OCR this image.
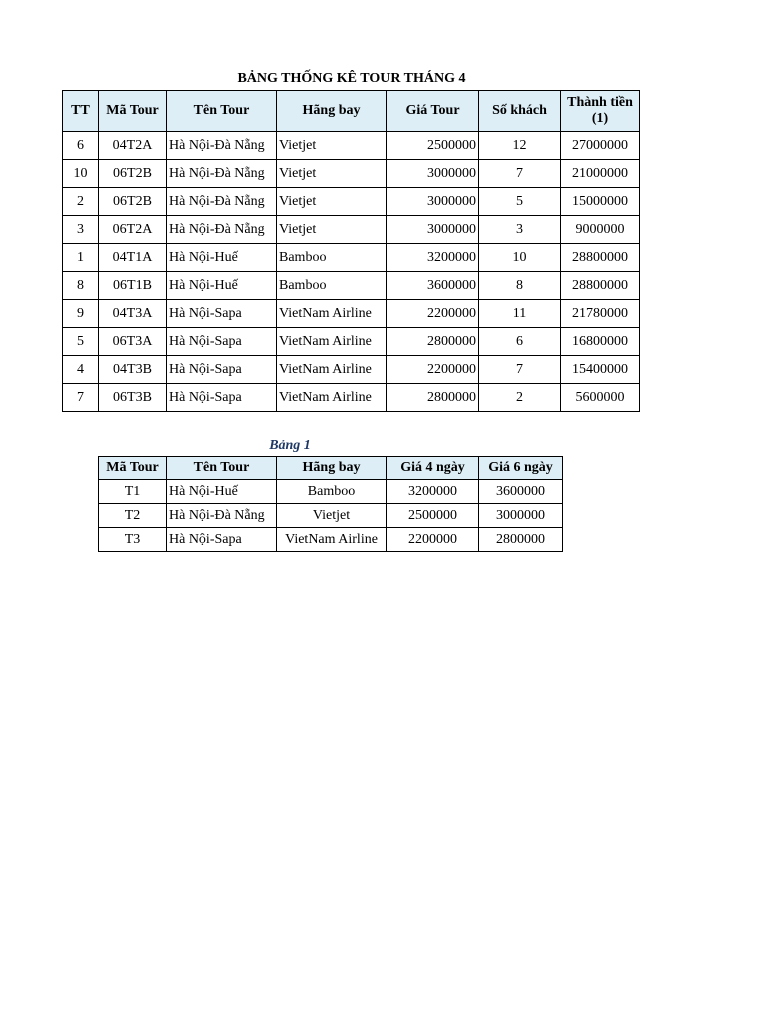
BẢNG THỐNG KÊ TOUR THÁNG 4
TT	Mã Tour	Tên Tour	Hãng bay	Giá Tour	Số khách	Thành tiền (1)
6	04T2A	Hà Nội-Đà Nẵng	Vietjet	2500000	12	27000000
10	06T2B	Hà Nội-Đà Nẵng	Vietjet	3000000	7	21000000
2	06T2B	Hà Nội-Đà Nẵng	Vietjet	3000000	5	15000000
3	06T2A	Hà Nội-Đà Nẵng	Vietjet	3000000	3	9000000
1	04T1A	Hà Nội-Huế	Bamboo	3200000	10	28800000
8	06T1B	Hà Nội-Huế	Bamboo	3600000	8	28800000
9	04T3A	Hà Nội-Sapa	VietNam Airline	2200000	11	21780000
5	06T3A	Hà Nội-Sapa	VietNam Airline	2800000	6	16800000
4	04T3B	Hà Nội-Sapa	VietNam Airline	2200000	7	15400000
7	06T3B	Hà Nội-Sapa	VietNam Airline	2800000	2	5600000
Bảng 1
Mã Tour	Tên Tour	Hãng bay	Giá 4 ngày	Giá 6 ngày
T1	Hà Nội-Huế	Bamboo	3200000	3600000
T2	Hà Nội-Đà Nẵng	Vietjet	2500000	3000000
T3	Hà Nội-Sapa	VietNam Airline	2200000	2800000
